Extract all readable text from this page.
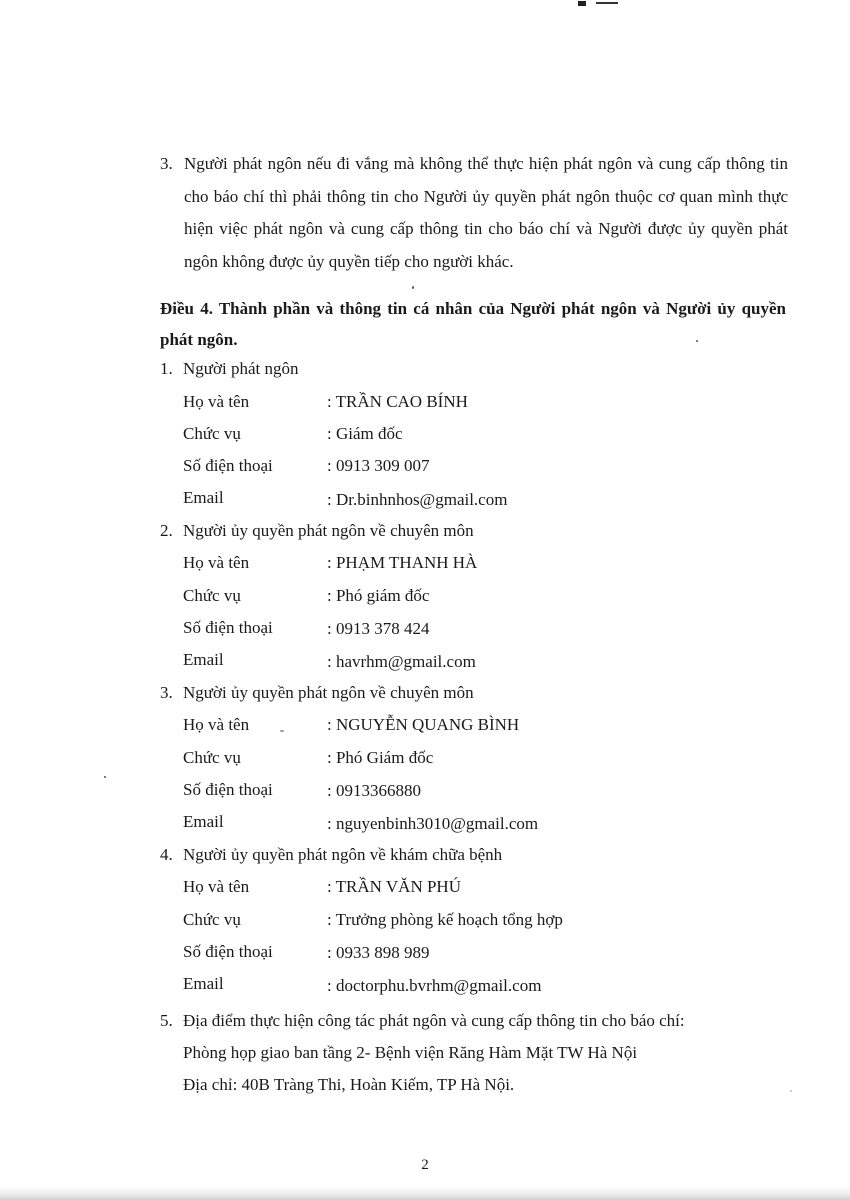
3. Người phát ngôn nếu đi vắng mà không thể thực hiện phát ngôn và cung cấp thông tin cho báo chí thì phải thông tin cho Người ủy quyền phát ngôn thuộc cơ quan mình thực hiện việc phát ngôn và cung cấp thông tin cho báo chí và Người được ủy quyền phát ngôn không được ủy quyền tiếp cho người khác.
Điều 4. Thành phần và thông tin cá nhân của Người phát ngôn và Người ủy quyền phát ngôn.
1. Người phát ngôn
Họ và tên	: TRẦN CAO BÍNH
Chức vụ	: Giám đốc
Số điện thoại	: 0913 309 007
Email	: Dr.binhnhos@gmail.com
2. Người ủy quyền phát ngôn về chuyên môn
Họ và tên	: PHẠM THANH HÀ
Chức vụ	: Phó giám đốc
Số điện thoại	: 0913 378 424
Email	: havrhm@gmail.com
3. Người ủy quyền phát ngôn về chuyên môn
Họ và tên	: NGUYỄN QUANG BÌNH
Chức vụ	: Phó Giám đốc
Số điện thoại	: 0913366880
Email	: nguyenbinh3010@gmail.com
4. Người ủy quyền phát ngôn về khám chữa bệnh
Họ và tên	: TRẦN VĂN PHÚ
Chức vụ	: Trưởng phòng kế hoạch tổng hợp
Số điện thoại	: 0933 898 989
Email	: doctorphu.bvrhm@gmail.com
5. Địa điểm thực hiện công tác phát ngôn và cung cấp thông tin cho báo chí:
Phòng họp giao ban tầng 2- Bệnh viện Răng Hàm Mặt TW Hà Nội
Địa chỉ: 40B Tràng Thi, Hoàn Kiếm, TP Hà Nội.
2
